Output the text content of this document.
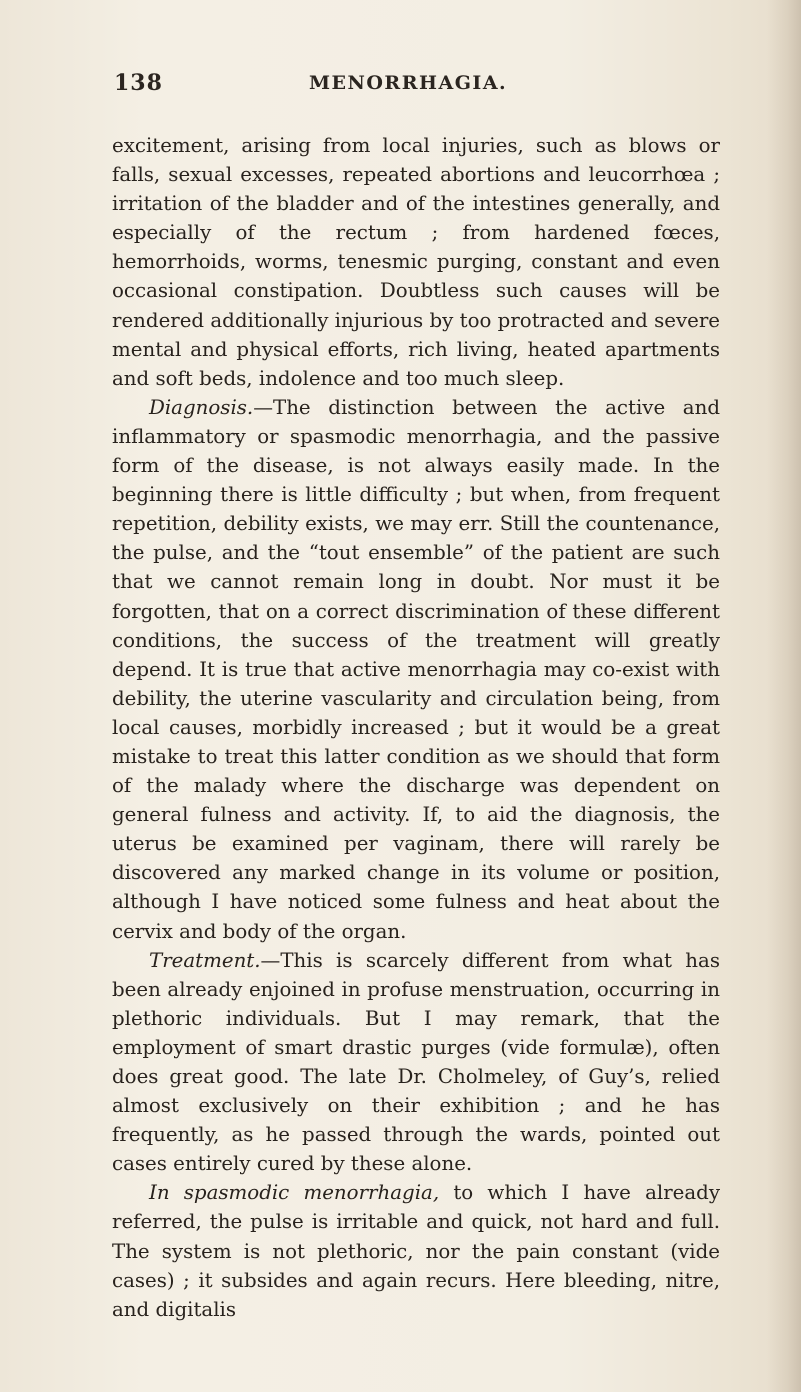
138	MENORRHAGIA.

excitement, arising from local injuries, such as blows or falls, sexual excesses, repeated abortions and leucorrhœa ; irritation of the bladder and of the intestines generally, and especially of the rectum ; from hardened fœces, hemorrhoids, worms, tenesmic purging, constant and even occasional constipation. Doubtless such causes will be rendered additionally injurious by too protracted and severe mental and physical efforts, rich living, heated apartments and soft beds, indolence and too much sleep.

Diagnosis.—The distinction between the active and inflammatory or spasmodic menorrhagia, and the passive form of the disease, is not always easily made. In the beginning there is little difficulty ; but when, from frequent repetition, debility exists, we may err. Still the countenance, the pulse, and the “tout ensemble” of the patient are such that we cannot remain long in doubt. Nor must it be forgotten, that on a correct discrimination of these different conditions, the success of the treatment will greatly depend. It is true that active menorrhagia may co-exist with debility, the uterine vascularity and circulation being, from local causes, morbidly increased ; but it would be a great mistake to treat this latter condition as we should that form of the malady where the discharge was dependent on general fulness and activity. If, to aid the diagnosis, the uterus be examined per vaginam, there will rarely be discovered any marked change in its volume or position, although I have noticed some fulness and heat about the cervix and body of the organ.

Treatment.—This is scarcely different from what has been already enjoined in profuse menstruation, occurring in plethoric individuals. But I may remark, that the employment of smart drastic purges (vide formulæ), often does great good. The late Dr. Cholmeley, of Guy’s, relied almost exclusively on their exhibition ; and he has frequently, as he passed through the wards, pointed out cases entirely cured by these alone.

In spasmodic menorrhagia, to which I have already referred, the pulse is irritable and quick, not hard and full. The system is not plethoric, nor the pain constant (vide cases) ; it subsides and again recurs. Here bleeding, nitre, and digitalis
